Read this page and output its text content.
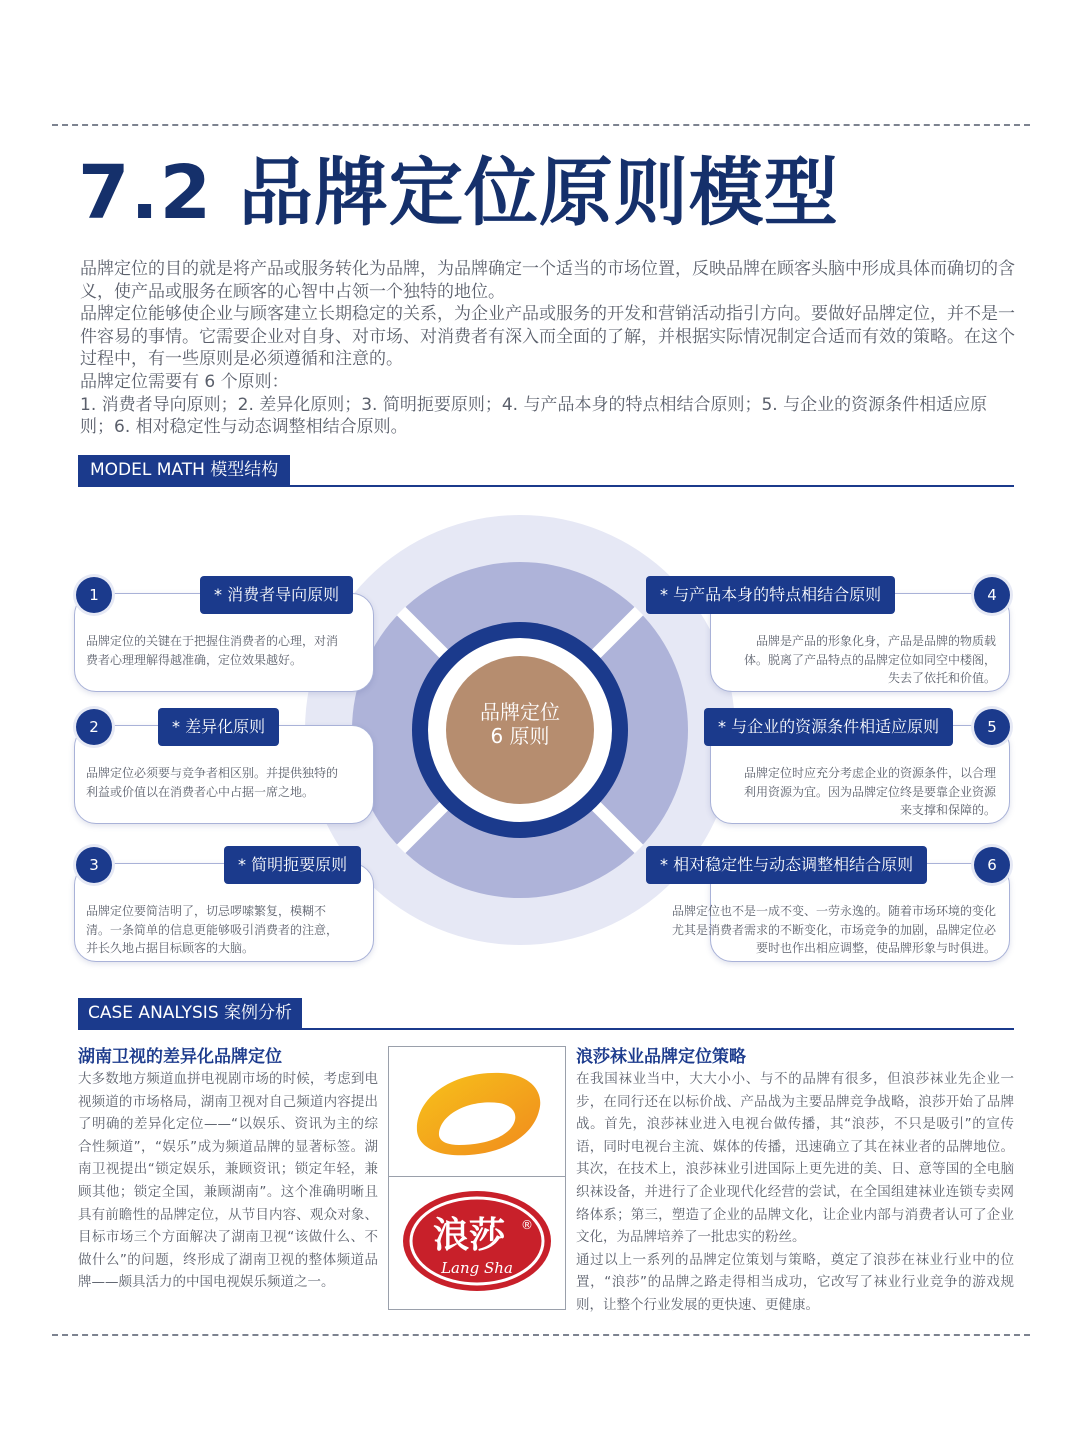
7.2 品牌定位原则模型

品牌定位的目的就是将产品或服务转化为品牌，为品牌确定一个适当的市场位置，反映品牌在顾客头脑中形成具体而确切的含义，使产品或服务在顾客的心智中占领一个独特的地位。

品牌定位能够使企业与顾客建立长期稳定的关系，为企业产品或服务的开发和营销活动指引方向。要做好品牌定位，并不是一件容易的事情。它需要企业对自身、对市场、对消费者有深入而全面的了解，并根据实际情况制定合适而有效的策略。在这个过程中，有一些原则是必须遵循和注意的。

品牌定位需要有 6 个原则：

1. 消费者导向原则；2. 差异化原则；3. 简明扼要原则；4. 与产品本身的特点相结合原则；5. 与企业的资源条件相适应原则；6. 相对稳定性与动态调整相结合原则。

MODEL MATH 模型结构
品牌定位
6 原则
1	* 消费者导向原则
品牌定位的关键在于把握住消费者的心理，对消费者心理理解得越准确，定位效果越好。
2	* 差异化原则
品牌定位必须要与竞争者相区别。并提供独特的利益或价值以在消费者心中占据一席之地。
3	* 简明扼要原则
品牌定位要简洁明了，切忌啰嗦繁复，模糊不清。一条简单的信息更能够吸引消费者的注意，并长久地占据目标顾客的大脑。
4
* 与产品本身的特点相结合原则
品牌是产品的形象化身，产品是品牌的物质载体。脱离了产品特点的品牌定位如同空中楼阁，失去了依托和价值。
5
* 与企业的资源条件相适应原则
品牌定位时应充分考虑企业的资源条件，以合理利用资源为宜。因为品牌定位终是要靠企业资源来支撑和保障的。
6
* 相对稳定性与动态调整相结合原则
品牌定位也不是一成不变、一劳永逸的。随着市场环境的变化尤其是消费者需求的不断变化，市场竞争的加剧，品牌定位必要时也作出相应调整，使品牌形象与时俱进。
CASE ANALYSIS 案例分析
湖南卫视的差异化品牌定位
大多数地方频道血拼电视剧市场的时候，考虑到电视频道的市场格局，湖南卫视对自己频道内容提出了明确的差异化定位——“以娱乐、资讯为主的综合性频道”，“娱乐”成为频道品牌的显著标签。湖南卫视提出“锁定娱乐，兼顾资讯；锁定年轻，兼顾其他；锁定全国，兼顾湖南”。这个准确明晰且具有前瞻性的品牌定位，从节目内容、观众对象、目标市场三个方面解决了湖南卫视“该做什么、不做什么”的问题，终形成了湖南卫视的整体频道品牌——颇具活力的中国电视娱乐频道之一。
浪莎
Lang Sha
®
浪莎袜业品牌定位策略
在我国袜业当中，大大小小、与不的品牌有很多，但浪莎袜业先企业一步，在同行还在以标价战、产品战为主要品牌竞争战略，浪莎开始了品牌战。首先，浪莎袜业进入电视台做传播，其“浪莎，不只是吸引”的宣传语，同时电视台主流、媒体的传播，迅速确立了其在袜业者的品牌地位。其次，在技术上，浪莎袜业引进国际上更先进的美、日、意等国的全电脑织袜设备，并进行了企业现代化经营的尝试，在全国组建袜业连锁专卖网络体系；第三，塑造了企业的品牌文化，让企业内部与消费者认可了企业文化，为品牌培养了一批忠实的粉丝。
通过以上一系列的品牌定位策划与策略，奠定了浪莎在袜业行业中的位置，“浪莎”的品牌之路走得相当成功，它改写了袜业行业竞争的游戏规则，让整个行业发展的更快速、更健康。
